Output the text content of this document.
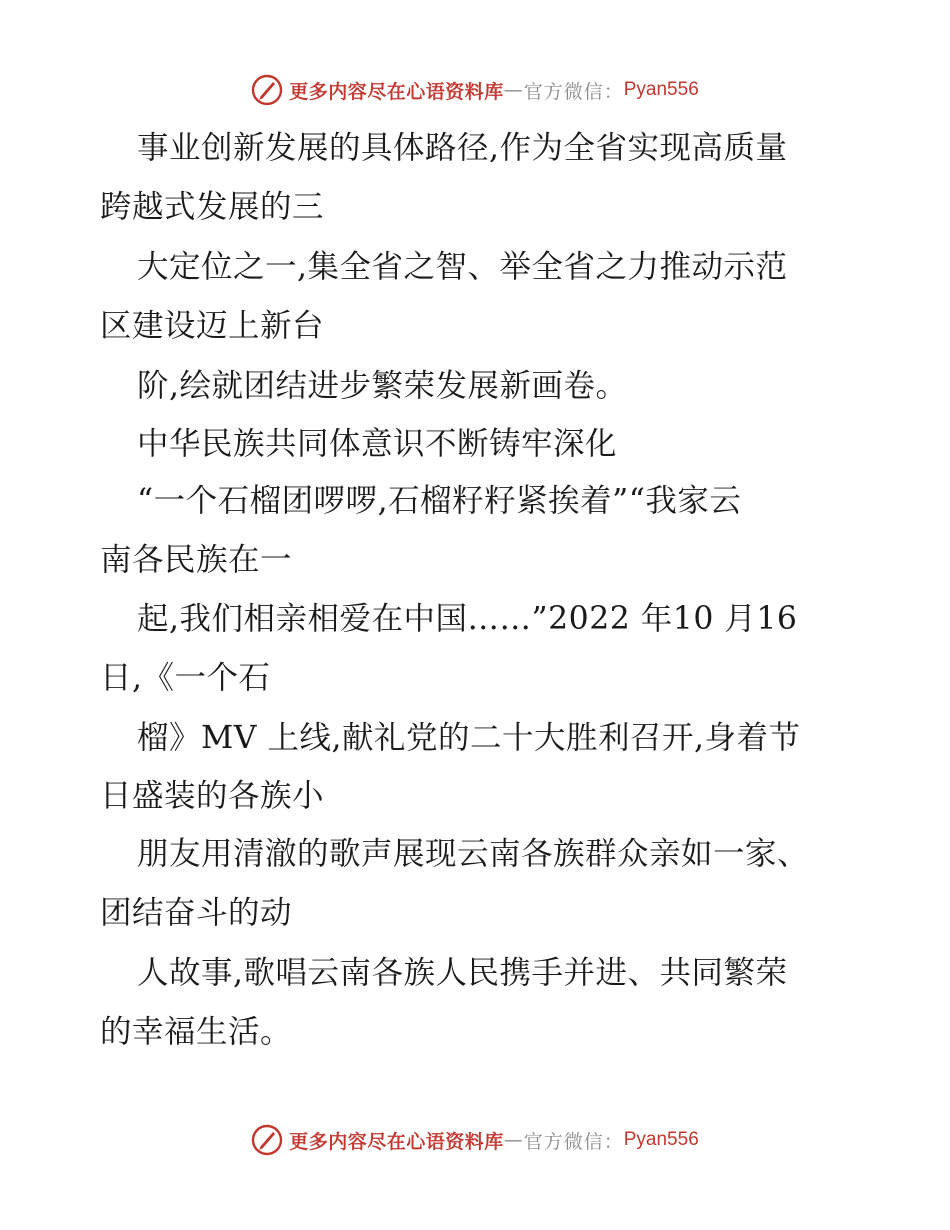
更多内容尽在心语资料库 — 官方微信： Pyan556
事业创新发展的具体路径,作为全省实现高质量
跨越式发展的三
大定位之一,集全省之智、举全省之力推动示范
区建设迈上新台
阶,绘就团结进步繁荣发展新画卷。
中华民族共同体意识不断铸牢深化
“一个石榴团啰啰,石榴籽籽紧挨着”“我家云
南各民族在一
起,我们相亲相爱在中国……”2022 年10 月16
日,《一个石
榴》MV 上线,献礼党的二十大胜利召开,身着节
日盛装的各族小
朋友用清澈的歌声展现云南各族群众亲如一家、
团结奋斗的动
人故事,歌唱云南各族人民携手并进、共同繁荣
的幸福生活。
更多内容尽在心语资料库 — 官方微信： Pyan556
